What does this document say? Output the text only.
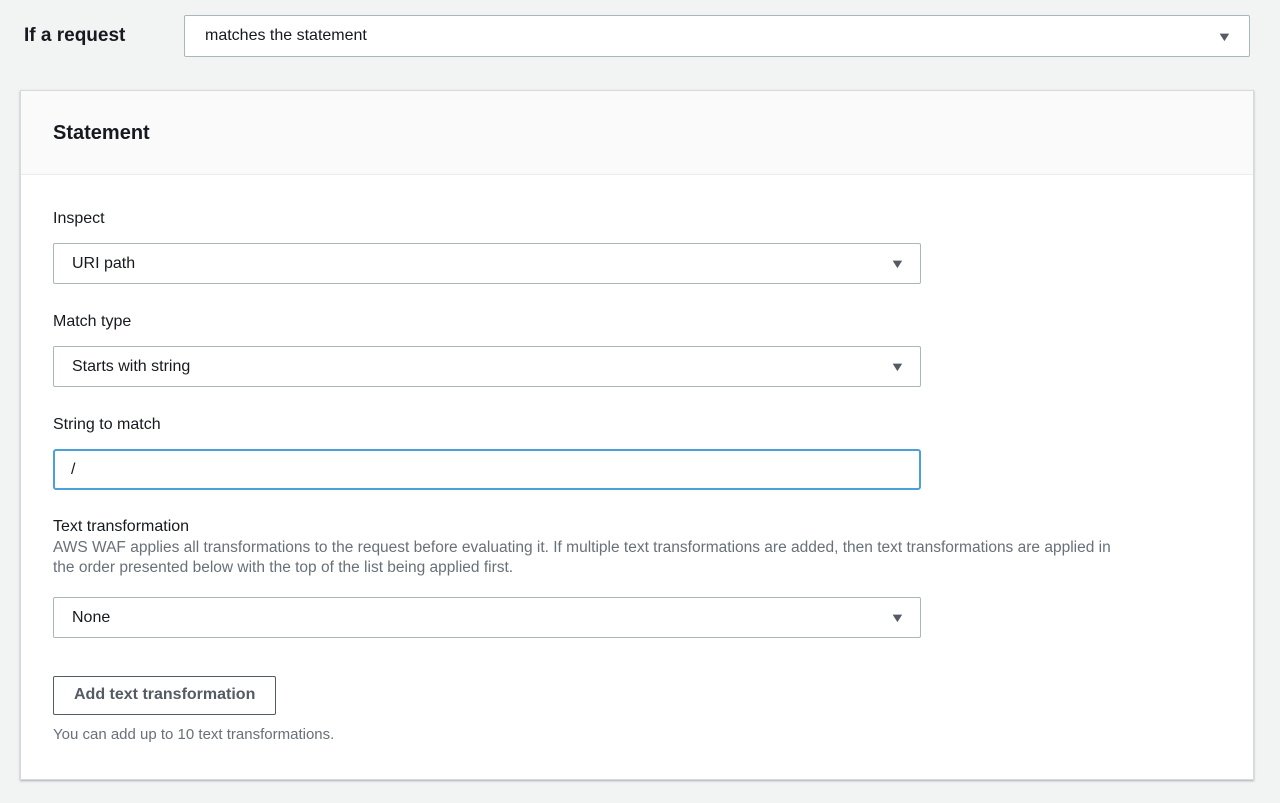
If a request	matches the statement	▼
Statement
Inspect
URI path	▼
Match type
Starts with string	▼
String to match
/
Text transformation
AWS WAF applies all transformations to the request before evaluating it. If multiple text transformations are added, then text transformations are applied in the order presented below with the top of the list being applied first.
None	▼
Add text transformation
You can add up to 10 text transformations.
